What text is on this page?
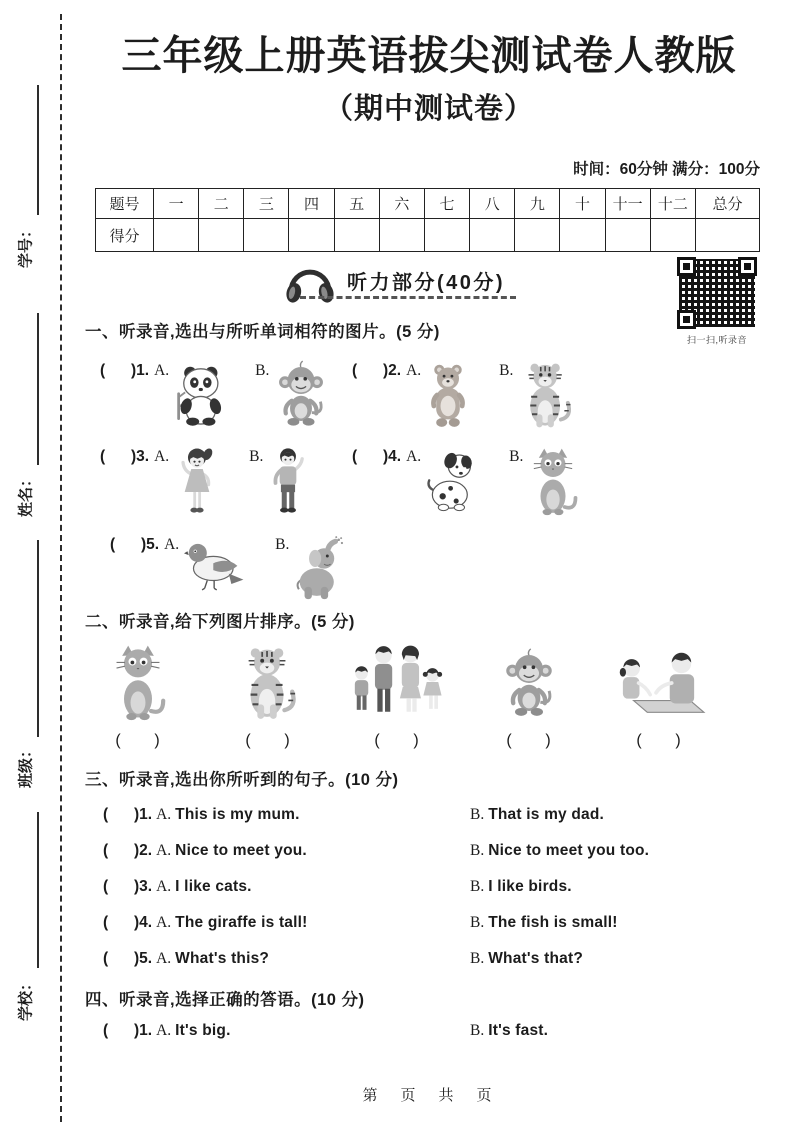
学号：
姓名：
班级：
学校：
三年级上册英语拔尖测试卷人教版
（期中测试卷）
时间：60分钟 满分：100分
题号	一	二	三	四	五	六	七	八	九	十	十一	十二	总分
得分													
听力部分(40分)
扫一扫,听录音
一、听录音,选出与所听单词相符的图片。(5 分)
(      )1. A.	B.	(      )2. A.	B.
(      )3. A.	B.	(      )4. A.	B.
(      )5. A.	B.
二、听录音,给下列图片排序。(5 分)
(      )	(      )	(      )	(      )	(      )
三、听录音,选出你所听到的句子。(10 分)
(      )1. A. This is my mum.	B. That is my dad.
(      )2. A. Nice to meet you.	B. Nice to meet you too.
(      )3. A. I like cats.	B. I like birds.
(      )4. A. The giraffe is tall!	B. The fish is small!
(      )5. A. What's this?	B. What's that?
四、听录音,选择正确的答语。(10 分)
(      )1. A. It's big.	B. It's fast.
第　页　共　页
